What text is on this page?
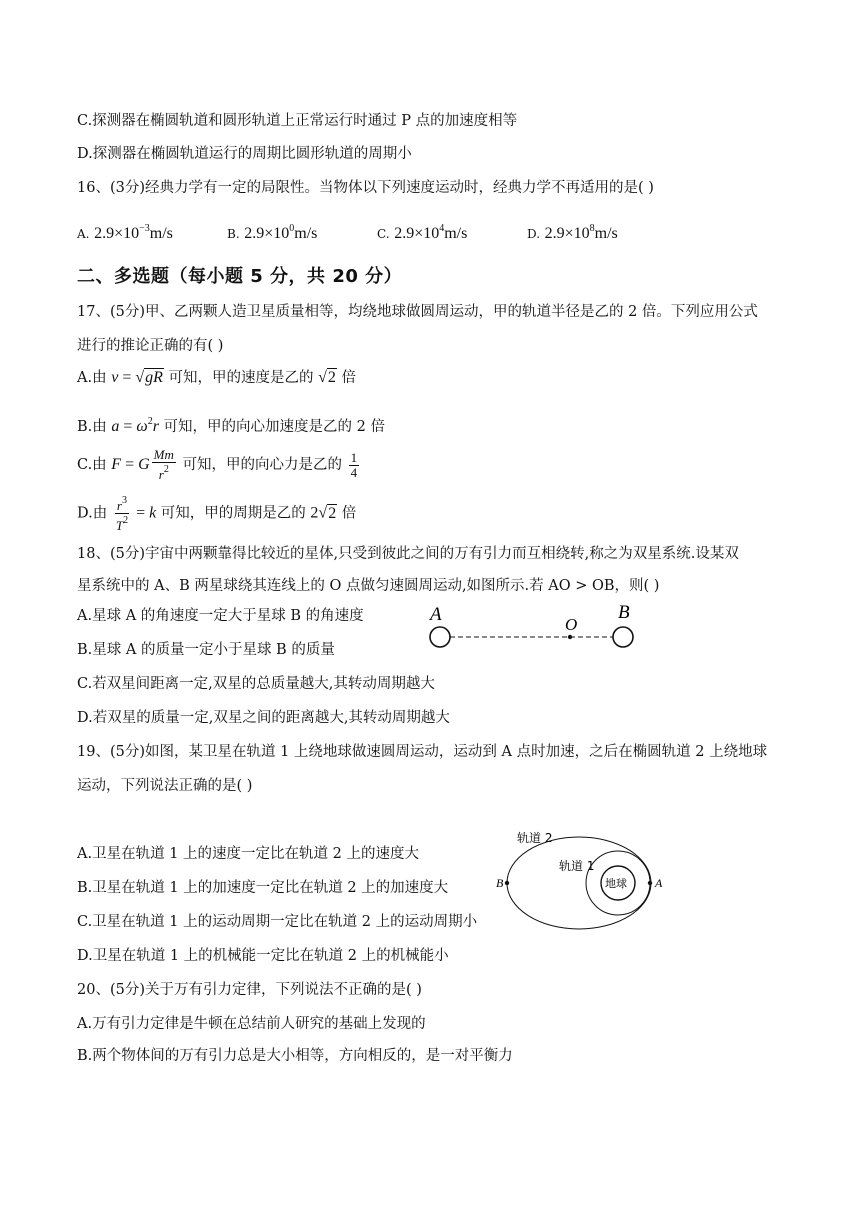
C.探测器在椭圆轨道和圆形轨道上正常运行时通过 P 点的加速度相等
D.探测器在椭圆轨道运行的周期比圆形轨道的周期小
16、(3分)经典力学有一定的局限性。当物体以下列速度运动时，经典力学不再适用的是( )
A. $2.9\times 10^{-3}m/s$	B. $2.9\times 10^0m/s$	C. $2.9\times 10^4m/s$	D. $2.9\times 10^8m/s$
二、多选题（每小题 5 分，共 20 分）
17、(5分)甲、乙两颗人造卫星质量相等，均绕地球做圆周运动，甲的轨道半径是乙的 2 倍。下列应用公式
进行的推论正确的有( )
A.由 v = √gR 可知，甲的速度是乙的 √2 倍
B.由 $a = \omega^2r$ 可知，甲的向心加速度是乙的 2 倍
C.由 F = G $\frac{Mm}{r^2}$ 可知，甲的向心力是乙的 $\frac{1}{4}$
D.由 $\frac{r^3}{T^2} = k$ 可知，甲的周期是乙的 2√2 倍
18、(5分)宇宙中两颗靠得比较近的星体,只受到彼此之间的万有引力而互相绕转,称之为双星系统.设某双
星系统中的 A、B 两星球绕其连线上的 O 点做匀速圆周运动,如图所示.若 AO > OB，则( )
A.星球 A 的角速度一定大于星球 B 的角速度
B.星球 A 的质量一定小于星球 B 的质量
C.若双星间距离一定,双星的总质量越大,其转动周期越大
D.若双星的质量一定,双星之间的距离越大,其转动周期越大
A	O
B
19、(5分)如图，某卫星在轨道 1 上绕地球做速圆周运动，运动到 A 点时加速，之后在椭圆轨道 2 上绕地球
运动，下列说法正确的是( )
A.卫星在轨道 1 上的速度一定比在轨道 2 上的速度大
B.卫星在轨道 1 上的加速度一定比在轨道 2 上的加速度大
C.卫星在轨道 1 上的运动周期一定比在轨道 2 上的运动周期小
D.卫星在轨道 1 上的机械能一定比在轨道 2 上的机械能小
轨道 2
轨道 1
地球 A
B
20、(5分)关于万有引力定律，下列说法不正确的是( )
A.万有引力定律是牛顿在总结前人研究的基础上发现的
B.两个物体间的万有引力总是大小相等，方向相反的，是一对平衡力
